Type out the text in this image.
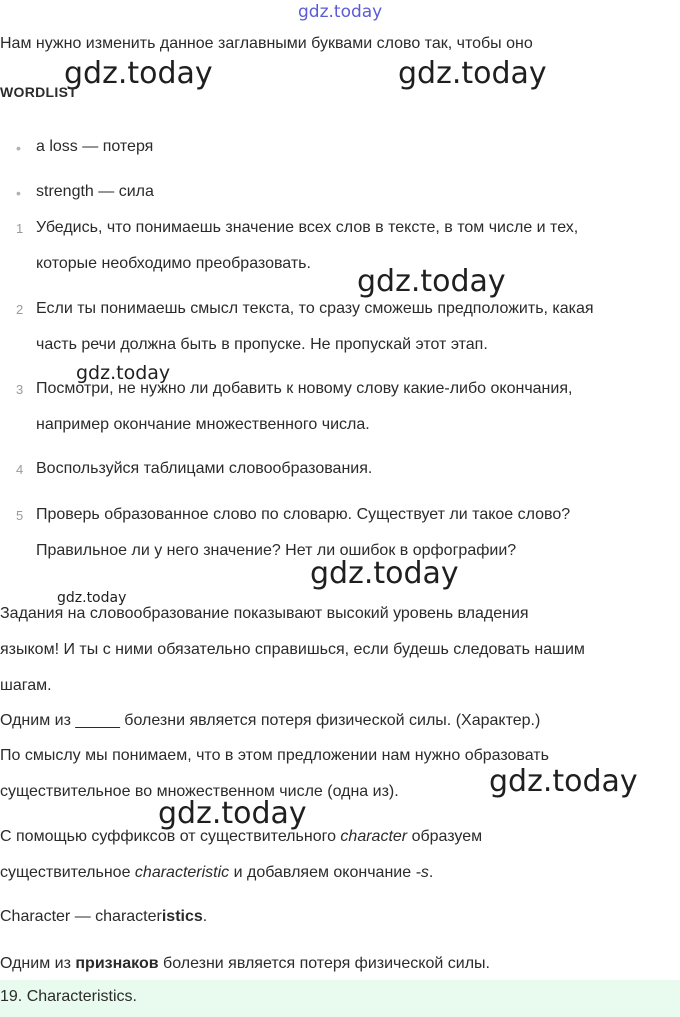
gdz.today
Нам нужно изменить данное заглавными буквами слово так, чтобы оно
gdz.today	gdz.today
WORDLIST
• a loss — потеря
• strength — сила
1 Убедись, что понимаешь значение всех слов в тексте, в том числе и тех,
которые необходимо преобразовать.
gdz.today
2 Если ты понимаешь смысл текста, то сразу сможешь предположить, какая
часть речи должна быть в пропуске. Не пропускай этот этап.
gdz.today
3 Посмотри, не нужно ли добавить к новому слову какие-либо окончания,
например окончание множественного числа.
4 Воспользуйся таблицами словообразования.
5 Проверь образованное слово по словарю. Существует ли такое слово?
Правильное ли у него значение? Нет ли ошибок в орфографии?
gdz.today
gdz.today
Задания на словообразование показывают высокий уровень владения
языком! И ты с ними обязательно справишься, если будешь следовать нашим
шагам.
Одним из _____ болезни является потеря физической силы. (Характер.)
По смыслу мы понимаем, что в этом предложении нам нужно образовать
существительное во множественном числе (одна из).	gdz.today
gdz.today
С помощью суффиксов от существительного character образуем
существительное characteristic и добавляем окончание -s.
Character — characteristics.
Одним из признаков болезни является потеря физической силы.
19. Characteristics.
